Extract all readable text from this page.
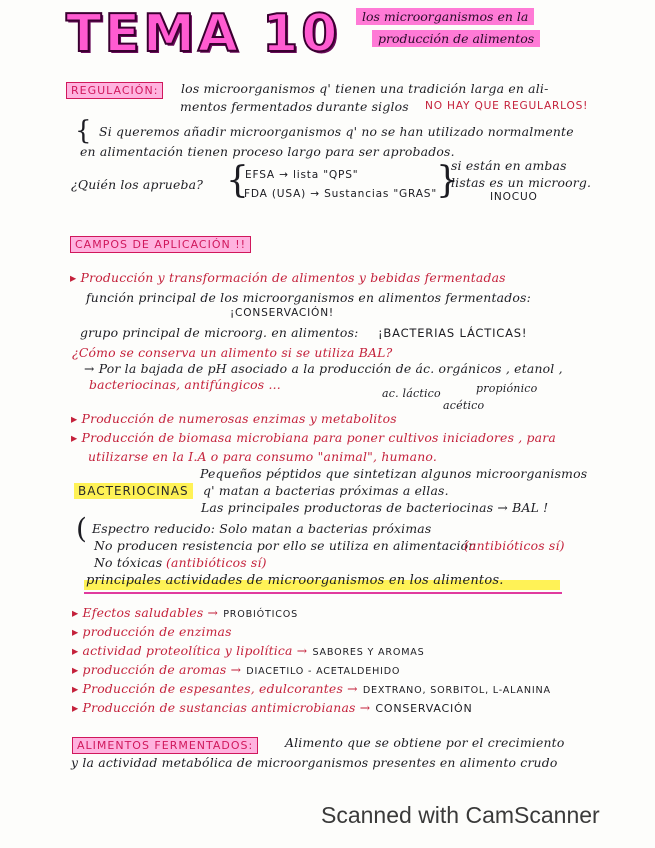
TEMA 10	los microorganismos en la
producción de alimentos
REGULACIÓN:	los microorganismos q' tienen una tradición larga en ali-
mentos fermentados durante siglos NO HAY QUE REGULARLOS!
{ Si queremos añadir microorganismos q' no se han utilizado normalmente
en alimentación tienen proceso largo para ser aprobados.
¿Quién los aprueba? {
EFSA → lista "QPS"
FDA (USA) → Sustancias "GRAS" }
si están en ambas
listas es un microorg.
INOCUO
CAMPOS DE APLICACIÓN !!
▸ Producción y transformación de alimentos y bebidas fermentadas
función principal de los microorganismos en alimentos fermentados:
¡CONSERVACIÓN!
grupo principal de microorg. en alimentos: ¡BACTERIAS LÁCTICAS!
¿Cómo se conserva un alimento si se utiliza BAL?
→ Por la bajada de pH asociado a la producción de ác. orgánicos , etanol ,
bacteriocinas, antifúngicos ...
ac. láctico	propiónico
acético
▸ Producción de numerosas enzimas y metabolitos
▸ Producción de biomasa microbiana para poner cultivos iniciadores , para
utilizarse en la I.A o para consumo "animal", humano.
Pequeños péptidos que sintetizan algunos microorganismos
BACTERIOCINAS	q' matan a bacterias próximas a ellas.
Las principales productoras de bacteriocinas → BAL !
( Espectro reducido: Solo matan a bacterias próximas
No producen resistencia por ello se utiliza en alimentación
(antibióticos sí)
No tóxicas (antibióticos sí)
principales actividades de microorganismos en los alimentos.
▸ Efectos saludables → PROBIÓTICOS
▸ producción de enzimas
▸ actividad proteolítica y lipolítica → SABORES Y AROMAS
▸ producción de aromas → DIACETILO - ACETALDEHIDO
▸ Producción de espesantes, edulcorantes → DEXTRANO, SORBITOL, L-ALANINA
▸ Producción de sustancias antimicrobianas → CONSERVACIÓN
ALIMENTOS FERMENTADOS:	Alimento que se obtiene por el crecimiento
y la actividad metabólica de microorganismos presentes en alimento crudo
Scanned with CamScanner
